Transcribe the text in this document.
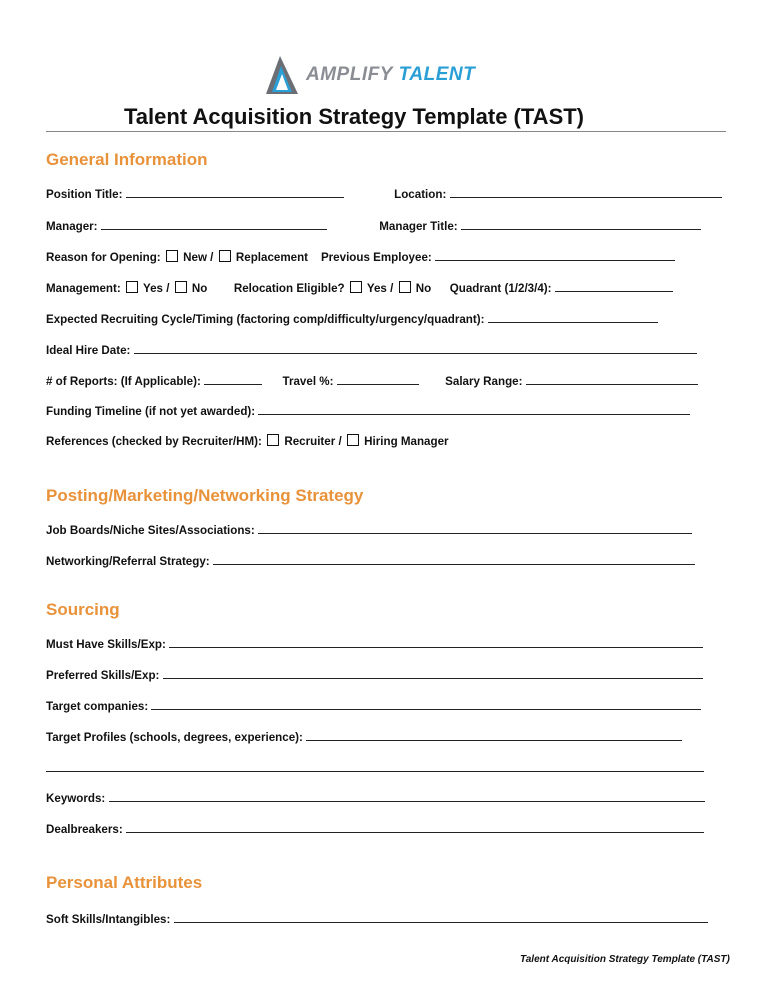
AMPLIFY TALENT
Talent Acquisition Strategy Template (TAST)
General Information
Position Title:	Location:
Manager:	Manager Title:
Reason for Opening: New / Replacement Previous Employee:
Management: Yes / No Relocation Eligible? Yes / No Quadrant (1/2/3/4):
Expected Recruiting Cycle/Timing (factoring comp/difficulty/urgency/quadrant):
Ideal Hire Date:
# of Reports: (If Applicable):	Travel %:	Salary Range:
Funding Timeline (if not yet awarded):
References (checked by Recruiter/HM): Recruiter / Hiring Manager
Posting/Marketing/Networking Strategy
Job Boards/Niche Sites/Associations:
Networking/Referral Strategy:
Sourcing
Must Have Skills/Exp:
Preferred Skills/Exp:
Target companies:
Target Profiles (schools, degrees, experience):
Keywords:
Dealbreakers:
Personal Attributes
Soft Skills/Intangibles:
Talent Acquisition Strategy Template (TAST)
